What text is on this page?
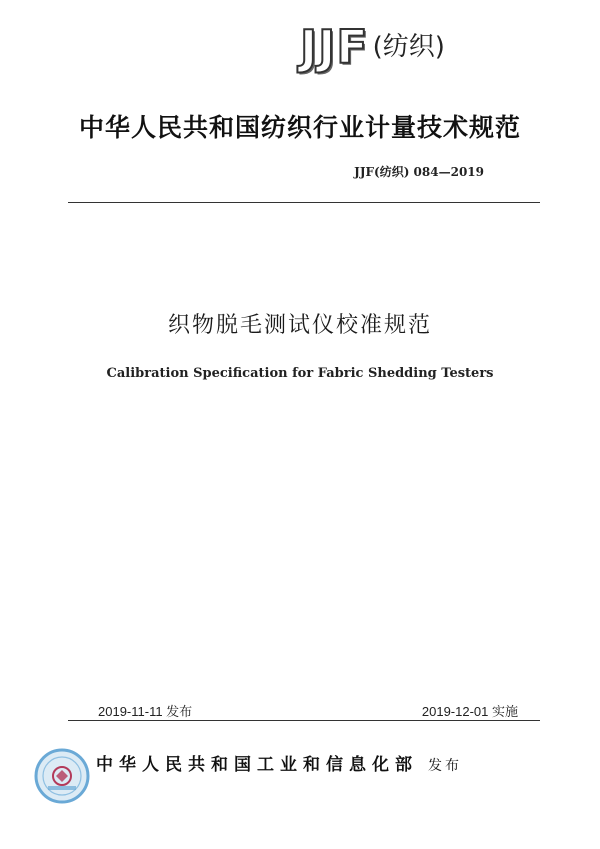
JJF (纺织)
中华人民共和国纺织行业计量技术规范
JJF(纺织) 084—2019
织物脱毛测试仪校准规范
Calibration Specification for Fabric Shedding Testers
2019-11-11 发布	2019-12-01 实施
中华人民共和国工业和信息化部 发布
